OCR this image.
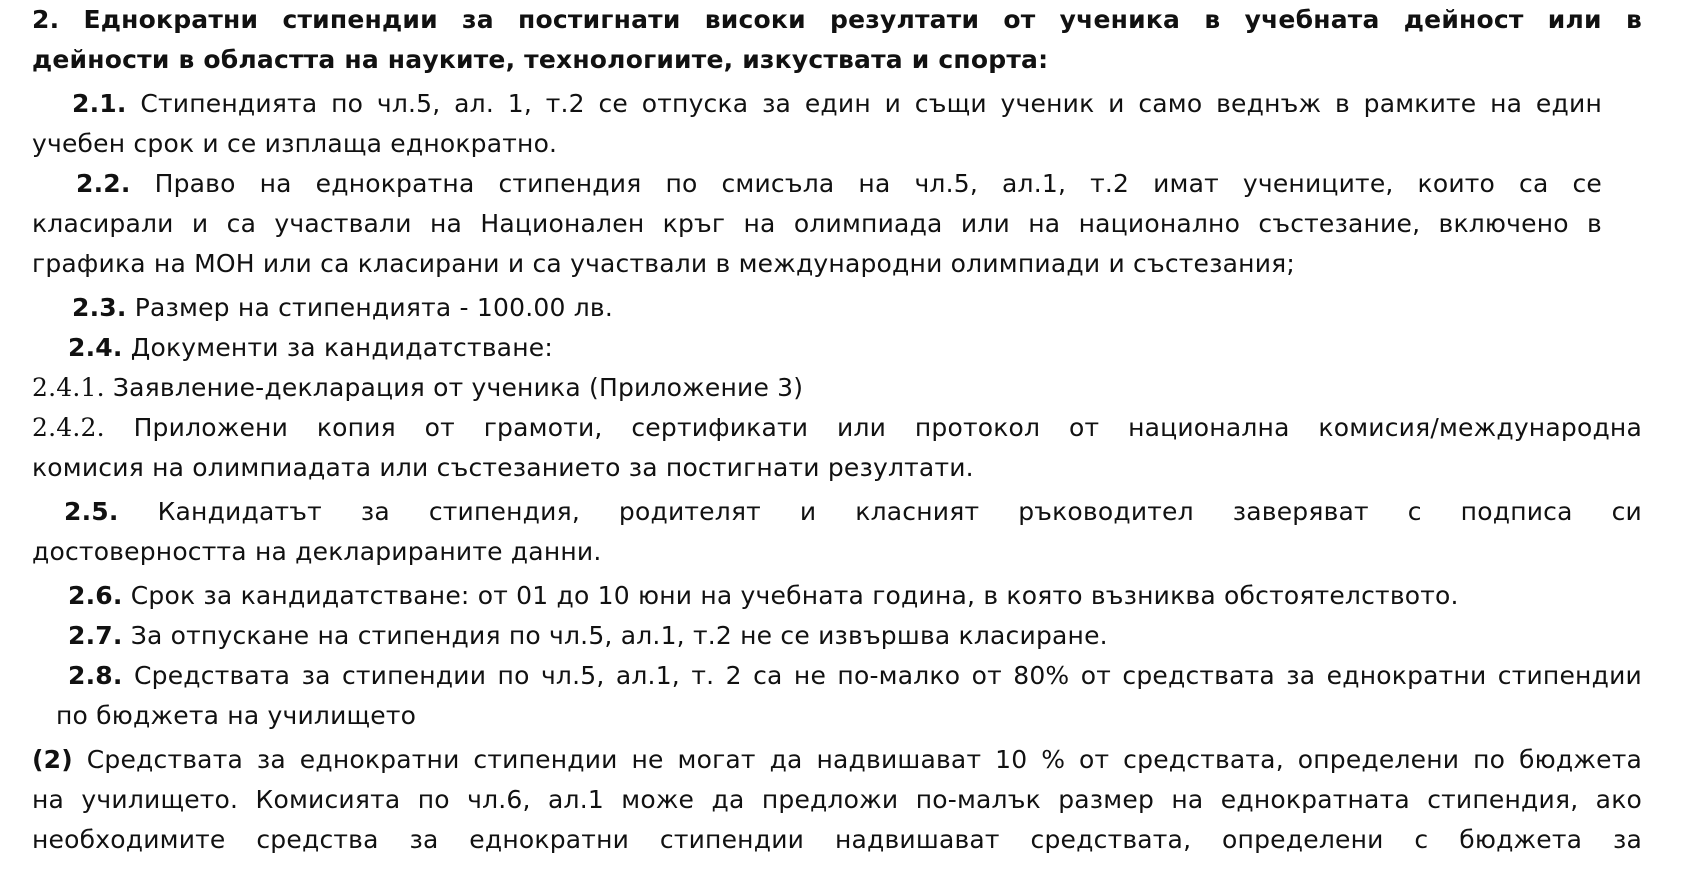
2. Еднократни стипендии за постигнати високи резултати от ученика в учебната дейност или в
дейности в областта на науките, технологиите, изкуствата и спорта:
2.1. Стипендията по чл.5, ал. 1, т.2 се отпуска за един и същи ученик и само веднъж в рамките на един
учебен срок и се изплаща еднократно.
2.2. Право на еднократна стипендия по смисъла на чл.5, ал.1, т.2 имат учениците, които са се
класирали и са участвали на Национален кръг на олимпиада или на национално състезание, включено в
графика на МОН или са класирани и са участвали в международни олимпиади и състезания;
2.3. Размер на стипендията - 100.00 лв.
2.4. Документи за кандидатстване:
2.4.1. Заявление-декларация от ученика (Приложение 3)
2.4.2. Приложени копия от грамоти, сертификати или протокол от национална комисия/международна
комисия на олимпиадата или състезанието за постигнати резултати.
2.5. Кандидатът за стипендия, родителят и класният ръководител заверяват с подписа си
достоверността на декларираните данни.
2.6. Срок за кандидатстване: от 01 до 10 юни на учебната година, в която възниква обстоятелството.
2.7. За отпускане на стипендия по чл.5, ал.1, т.2 не се извършва класиране.
2.8. Средствата за стипендии по чл.5, ал.1, т. 2 са не по-малко от 80% от средствата за еднократни стипендии
по бюджета на училището
(2) Средствата за еднократни стипендии не могат да надвишават 10 % от средствата, определени по бюджета
на училището. Комисията по чл.6, ал.1 може да предложи по-малък размер на еднократната стипендия, ако
необходимите средства за еднократни стипендии надвишават средствата, определени с бюджета за
